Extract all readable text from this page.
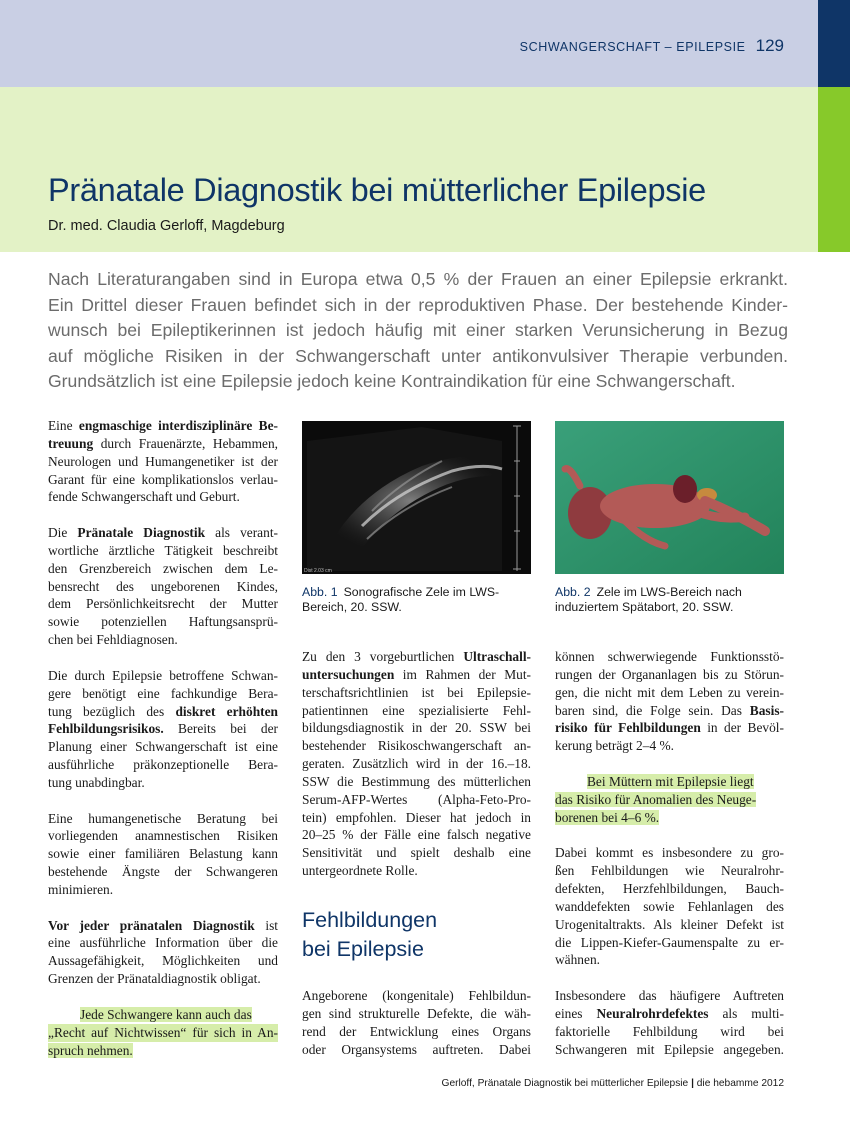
SCHWANGERSCHAFT – EPILEPSIE 129
Pränatale Diagnostik bei mütterlicher Epilepsie
Dr. med. Claudia Gerloff, Magdeburg
Nach Literaturangaben sind in Europa etwa 0,5 % der Frauen an einer Epilepsie erkrankt.
Ein Drittel dieser Frauen befindet sich in der reproduktiven Phase. Der bestehende Kinder-
wunsch bei Epileptikerinnen ist jedoch häufig mit einer starken Verunsicherung in Bezug
auf mögliche Risiken in der Schwangerschaft unter antikonvulsiver Therapie verbunden.
Grundsätzlich ist eine Epilepsie jedoch keine Kontraindikation für eine Schwangerschaft.

Eine engmaschige interdisziplinäre Be-
treuung durch Frauenärzte, Hebammen,
Neurologen und Humangenetiker ist der
Garant für eine komplikationslos verlau-
fende Schwangerschaft und Geburt.

Die Pränatale Diagnostik als verant-
wortliche ärztliche Tätigkeit beschreibt
den Grenzbereich zwischen dem Le-
bensrecht des ungeborenen Kindes,
dem Persönlichkeitsrecht der Mutter
sowie potenziellen Haftungsansprü-
chen bei Fehldiagnosen.

Die durch Epilepsie betroffene Schwan-
gere benötigt eine fachkundige Bera-
tung bezüglich des diskret erhöhten
Fehlbildungsrisikos. Bereits bei der
Planung einer Schwangerschaft ist eine
ausführliche präkonzeptionelle Bera-
tung unabdingbar.

Eine humangenetische Beratung bei
vorliegenden anamnestischen Risiken
sowie einer familiären Belastung kann
bestehende Ängste der Schwangeren
minimieren.

Vor jeder pränatalen Diagnostik ist
eine ausführliche Information über die
Aussagefähigkeit, Möglichkeiten und
Grenzen der Pränataldiagnostik obligat.

Jede Schwangere kann auch das
„Recht auf Nichtwissen“ für sich in An-
spruch nehmen.

Dist 2.03 cm
Abb. 1 Sonografische Zele im LWS-
Bereich, 20. SSW.
Abb. 2 Zele im LWS-Bereich nach
induziertem Spätabort, 20. SSW.

Zu den 3 vorgeburtlichen Ultraschall-
untersuchungen im Rahmen der Mut-
terschaftsrichtlinien ist bei Epilepsie-
patientinnen eine spezialisierte Fehl-
bildungsdiagnostik in der 20. SSW bei
bestehender Risikoschwangerschaft an-
geraten. Zusätzlich wird in der 16.–18.
SSW die Bestimmung des mütterlichen
Serum-AFP-Wertes (Alpha-Feto-Pro-
tein) empfohlen. Dieser hat jedoch in
20–25 % der Fälle eine falsch negative
Sensitivität und spielt deshalb eine
untergeordnete Rolle.

Fehlbildungen
bei Epilepsie

Angeborene (kongenitale) Fehlbildun-
gen sind strukturelle Defekte, die wäh-
rend der Entwicklung eines Organs
oder Organsystems auftreten. Dabei

können schwerwiegende Funktionsstö-
rungen der Organanlagen bis zu Störun-
gen, die nicht mit dem Leben zu verein-
baren sind, die Folge sein. Das Basis-
risiko für Fehlbildungen in der Bevöl-
kerung beträgt 2–4 %.

Bei Müttern mit Epilepsie liegt
das Risiko für Anomalien des Neuge-
borenen bei 4–6 %.

Dabei kommt es insbesondere zu gro-
ßen Fehlbildungen wie Neuralrohr-
defekten, Herzfehlbildungen, Bauch-
wanddefekten sowie Fehlanlagen des
Urogenitaltrakts. Als kleiner Defekt ist
die Lippen-Kiefer-Gaumenspalte zu er-
wähnen.

Insbesondere das häufigere Auftreten
eines Neuralrohrdefektes als multi-
faktorielle Fehlbildung wird bei
Schwangeren mit Epilepsie angegeben.

Gerloff, Pränatale Diagnostik bei mütterlicher Epilepsie | die hebamme 2012
